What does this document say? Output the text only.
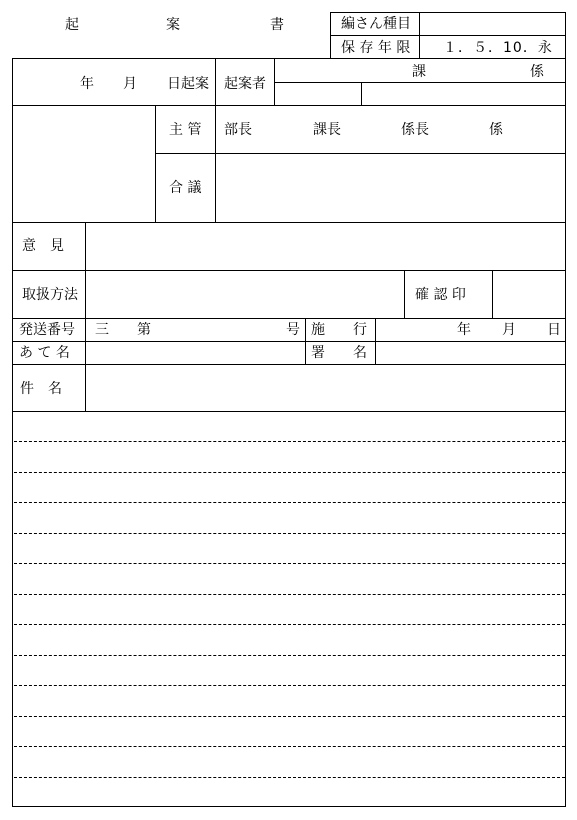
起	案	書	編さん種目
保 存 年 限 １．５．10．永
年 月 日起案 起案者
課	係
主 管 部長	課長	係長	係
合 議
意　見
取扱方法	確 認 印
発送番号 三 第	号 施　　行	年 月 日
あ て 名	署　　名
件　名
